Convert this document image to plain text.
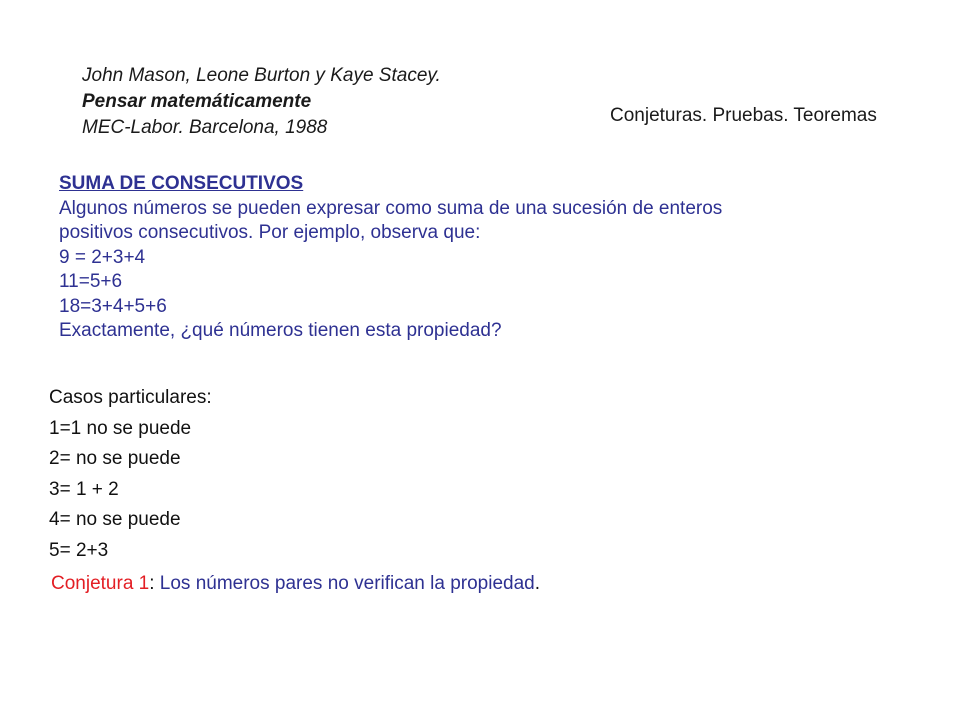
John Mason, Leone Burton y Kaye Stacey.
Pensar matemáticamente
MEC-Labor. Barcelona, 1988
Conjeturas. Pruebas. Teoremas
SUMA DE CONSECUTIVOS
Algunos números se pueden expresar como suma de una sucesión de enteros
positivos consecutivos. Por ejemplo, observa que:
9 = 2+3+4
11=5+6
18=3+4+5+6
Exactamente, ¿qué números tienen esta propiedad?
Casos particulares:
1=1 no se puede
2= no se puede
3= 1 + 2
4= no se puede
5= 2+3
Conjetura 1: Los números pares no verifican la propiedad.
